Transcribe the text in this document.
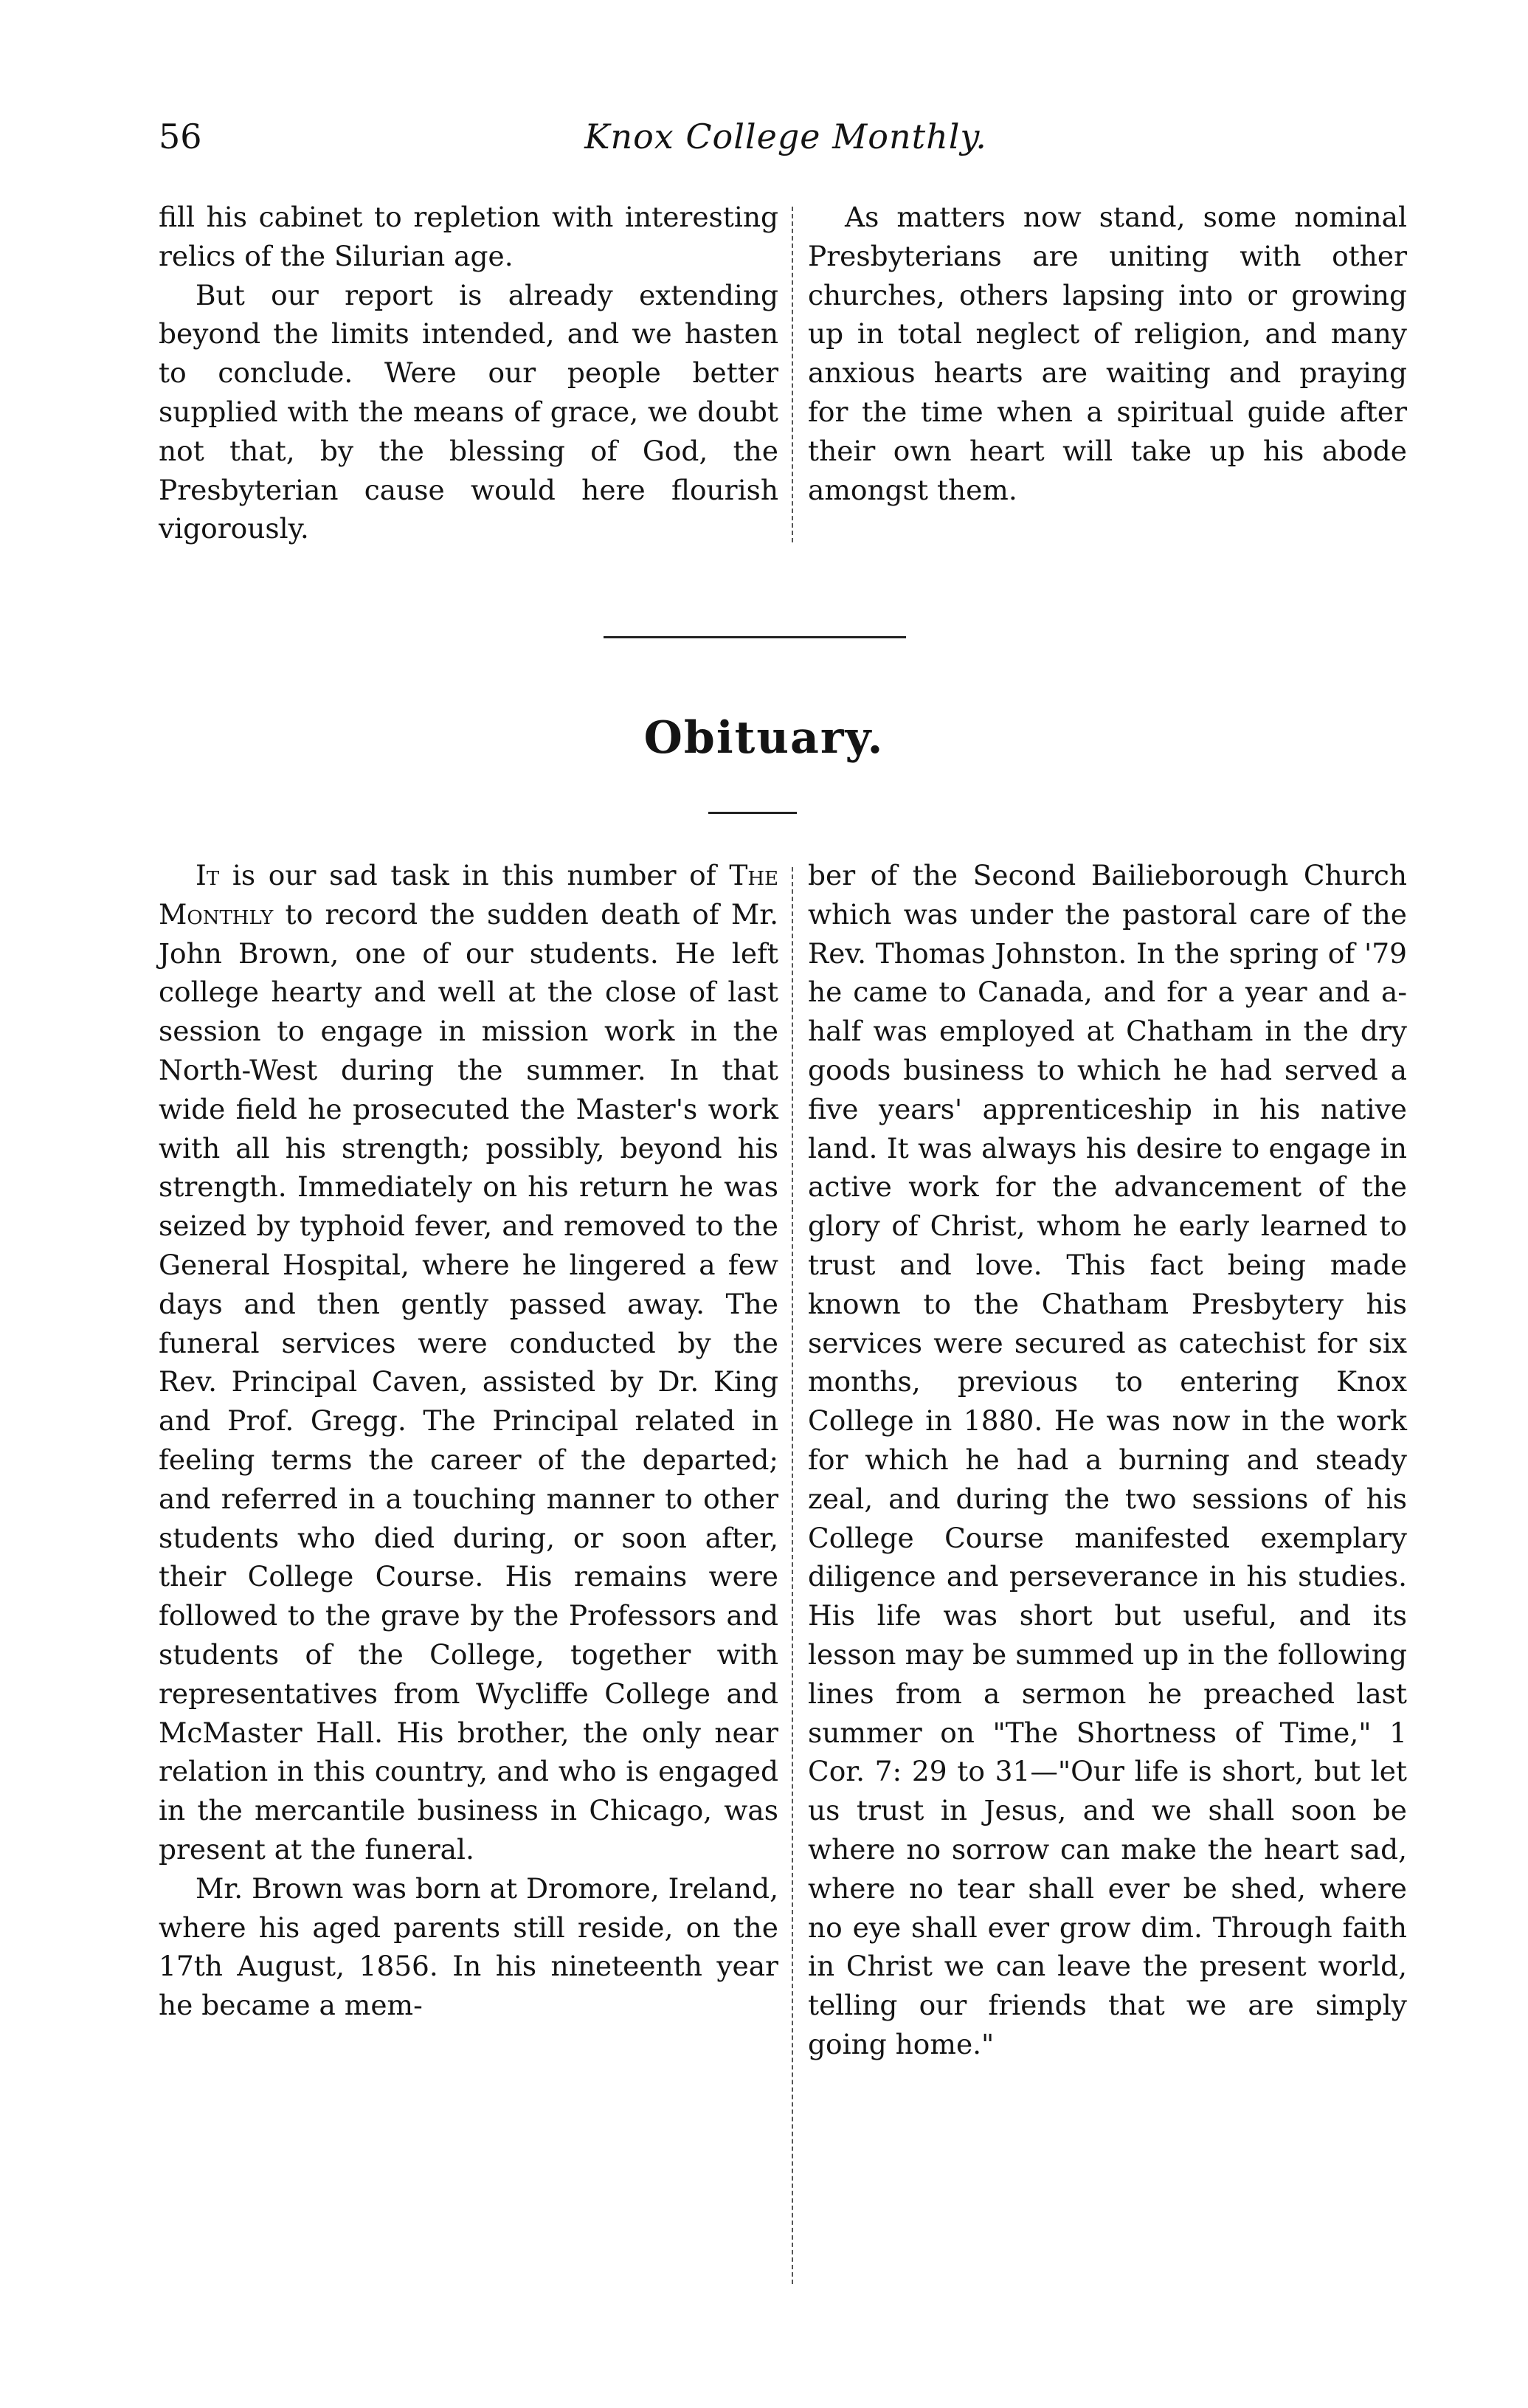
56	Knox College Monthly.

fill his cabinet to repletion with interesting relics of the Silurian age.

But our report is already extending beyond the limits intended, and we hasten to conclude. Were our people better supplied with the means of grace, we doubt not that, by the blessing of God, the Presbyterian cause would here flourish vigorously.

As matters now stand, some nominal Presbyterians are uniting with other churches, others lapsing into or growing up in total neglect of religion, and many anxious hearts are waiting and praying for the time when a spiritual guide after their own heart will take up his abode amongst them.

Obituary.

It is our sad task in this number of The Monthly to record the sudden death of Mr. John Brown, one of our students. He left college hearty and well at the close of last session to engage in mission work in the North-West during the summer. In that wide field he prosecuted the Master's work with all his strength; possibly, beyond his strength. Immediately on his return he was seized by typhoid fever, and removed to the General Hospital, where he lingered a few days and then gently passed away. The funeral services were conducted by the Rev. Principal Caven, assisted by Dr. King and Prof. Gregg. The Principal related in feeling terms the career of the departed; and referred in a touching manner to other students who died during, or soon after, their College Course. His remains were followed to the grave by the Professors and students of the College, together with representatives from Wycliffe College and McMaster Hall. His brother, the only near relation in this country, and who is engaged in the mercantile business in Chicago, was present at the funeral.

Mr. Brown was born at Dromore, Ireland, where his aged parents still reside, on the 17th August, 1856. In his nineteenth year he became a mem-

ber of the Second Bailieborough Church which was under the pastoral care of the Rev. Thomas Johnston. In the spring of '79 he came to Canada, and for a year and a-half was employed at Chatham in the dry goods business to which he had served a five years' apprenticeship in his native land. It was always his desire to engage in active work for the advancement of the glory of Christ, whom he early learned to trust and love. This fact being made known to the Chatham Presbytery his services were secured as catechist for six months, previous to entering Knox College in 1880. He was now in the work for which he had a burning and steady zeal, and during the two sessions of his College Course manifested exemplary diligence and perseverance in his studies. His life was short but useful, and its lesson may be summed up in the following lines from a sermon he preached last summer on "The Shortness of Time," 1 Cor. 7: 29 to 31—"Our life is short, but let us trust in Jesus, and we shall soon be where no sorrow can make the heart sad, where no tear shall ever be shed, where no eye shall ever grow dim. Through faith in Christ we can leave the present world, telling our friends that we are simply going home."
